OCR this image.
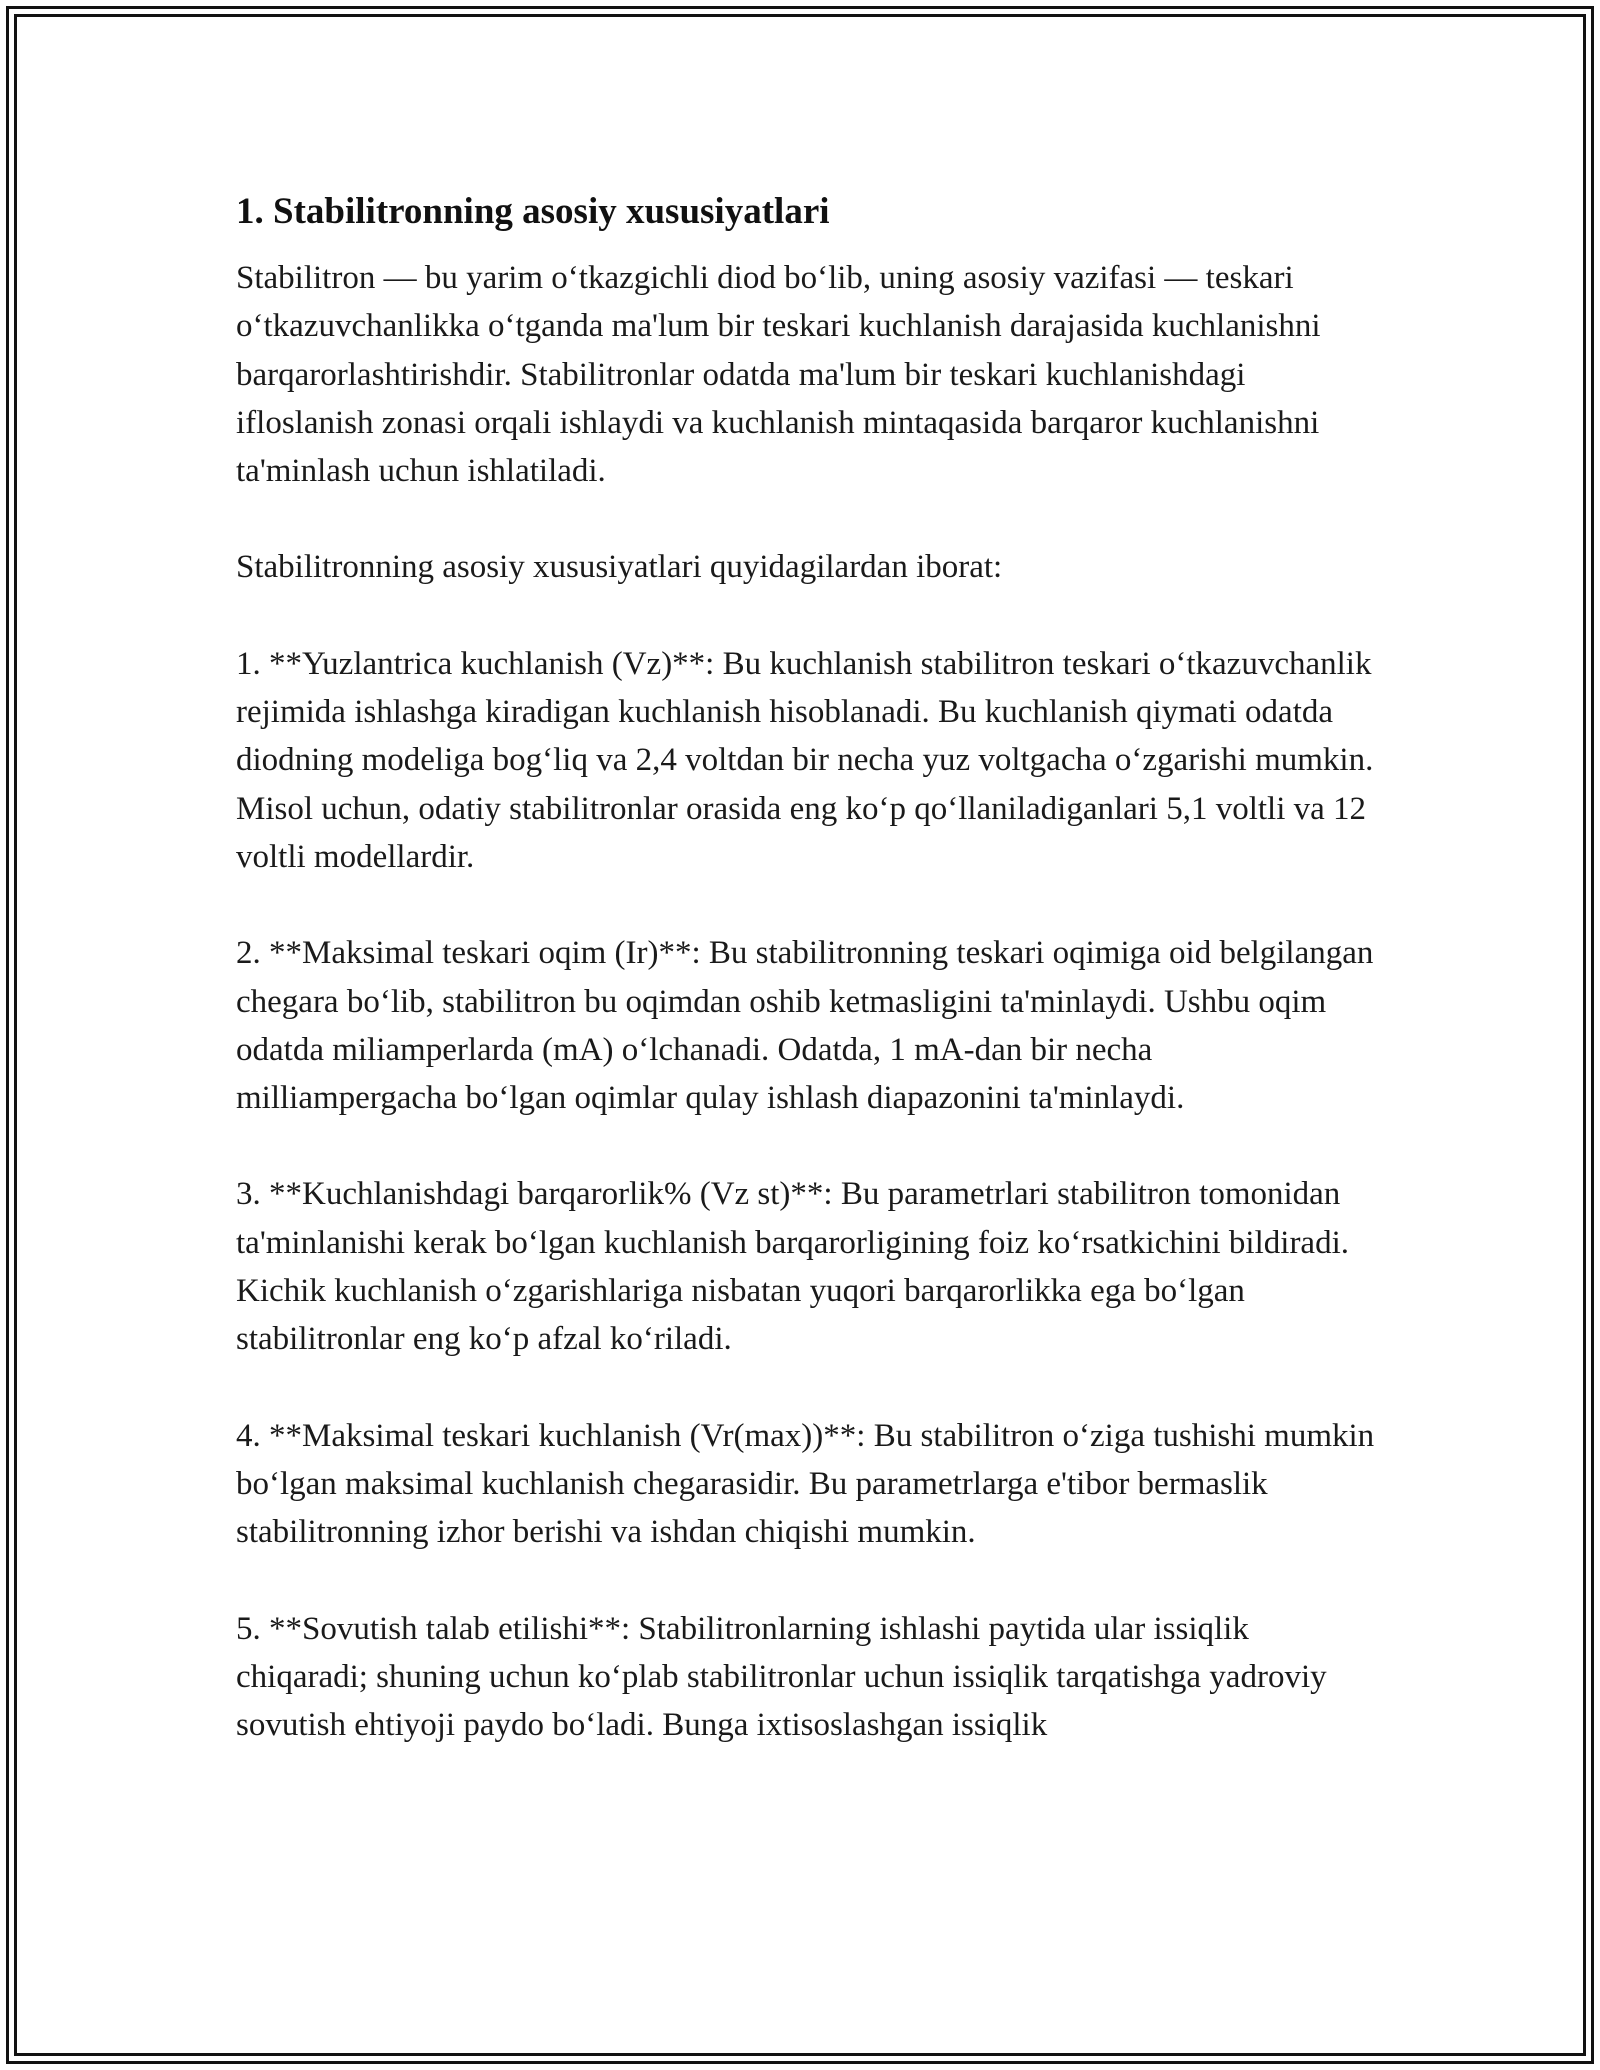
1. Stabilitronning asosiy xususiyatlari

Stabilitron — bu yarim o‘tkazgichli diod bo‘lib, uning asosiy vazifasi — teskari o‘tkazuvchanlikka o‘tganda ma'lum bir teskari kuchlanish darajasida kuchlanishni barqarorlashtirishdir. Stabilitronlar odatda ma'lum bir teskari kuchlanishdagi ifloslanish zonasi orqali ishlaydi va kuchlanish mintaqasida barqaror kuchlanishni ta'minlash uchun ishlatiladi.

Stabilitronning asosiy xususiyatlari quyidagilardan iborat:

1. **Yuzlantrica kuchlanish (Vz)**: Bu kuchlanish stabilitron teskari o‘tkazuvchanlik rejimida ishlashga kiradigan kuchlanish hisoblanadi. Bu kuchlanish qiymati odatda diodning modeliga bog‘liq va 2,4 voltdan bir necha yuz voltgacha o‘zgarishi mumkin. Misol uchun, odatiy stabilitronlar orasida eng ko‘p qo‘llaniladiganlari 5,1 voltli va 12 voltli modellardir.

2. **Maksimal teskari oqim (Ir)**: Bu stabilitronning teskari oqimiga oid belgilangan chegara bo‘lib, stabilitron bu oqimdan oshib ketmasligini ta'minlaydi. Ushbu oqim odatda miliamperlarda (mA) o‘lchanadi. Odatda, 1 mA-dan bir necha milliampergacha bo‘lgan oqimlar qulay ishlash diapazonini ta'minlaydi.

3. **Kuchlanishdagi barqarorlik% (Vz st)**: Bu parametrlari stabilitron tomonidan ta'minlanishi kerak bo‘lgan kuchlanish barqarorligining foiz ko‘rsatkichini bildiradi. Kichik kuchlanish o‘zgarishlariga nisbatan yuqori barqarorlikka ega bo‘lgan stabilitronlar eng ko‘p afzal ko‘riladi.

4. **Maksimal teskari kuchlanish (Vr(max))**: Bu stabilitron o‘ziga tushishi mumkin bo‘lgan maksimal kuchlanish chegarasidir. Bu parametrlarga e'tibor bermaslik stabilitronning izhor berishi va ishdan chiqishi mumkin.

5. **Sovutish talab etilishi**: Stabilitronlarning ishlashi paytida ular issiqlik chiqaradi; shuning uchun ko‘plab stabilitronlar uchun issiqlik tarqatishga yadroviy sovutish ehtiyoji paydo bo‘ladi. Bunga ixtisoslashgan issiqlik
